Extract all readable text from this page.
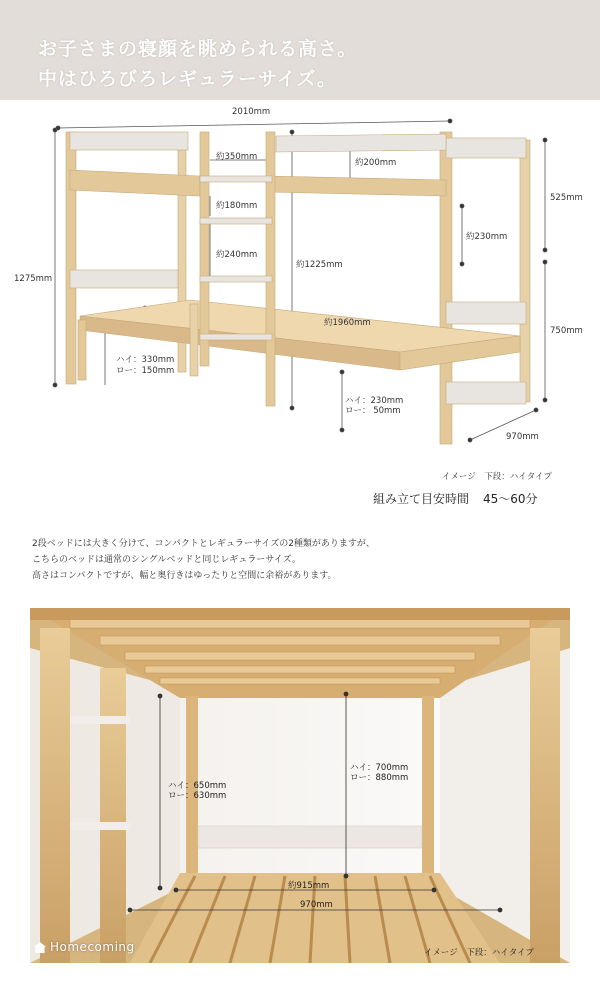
お子さまの寝顔を眺められる高さ。
中はひろびろレギュラーサイズ。
2010mm
1275mm
525mm
750mm
970mm
約200mm
約350mm
約180mm
約240mm
約1225mm
約230mm
約1960mm
ハイ：330mm
ロー：150mm
ハイ：230mm
ロー： 50mm
イメージ　下段：ハイタイプ
組み立て目安時間 45～60分
2段ベッドには大きく分けて、コンパクトとレギュラーサイズの2種類がありますが、
こちらのベッドは通常のシングルベッドと同じレギュラーサイズ。
高さはコンパクトですが、幅と奥行きはゆったりと空間に余裕があります。
ハイ：650mm
ロー：630mm
ハイ：700mm
ロー：880mm
約915mm
970mm
Homecoming	イメージ　下段：ハイタイプ
